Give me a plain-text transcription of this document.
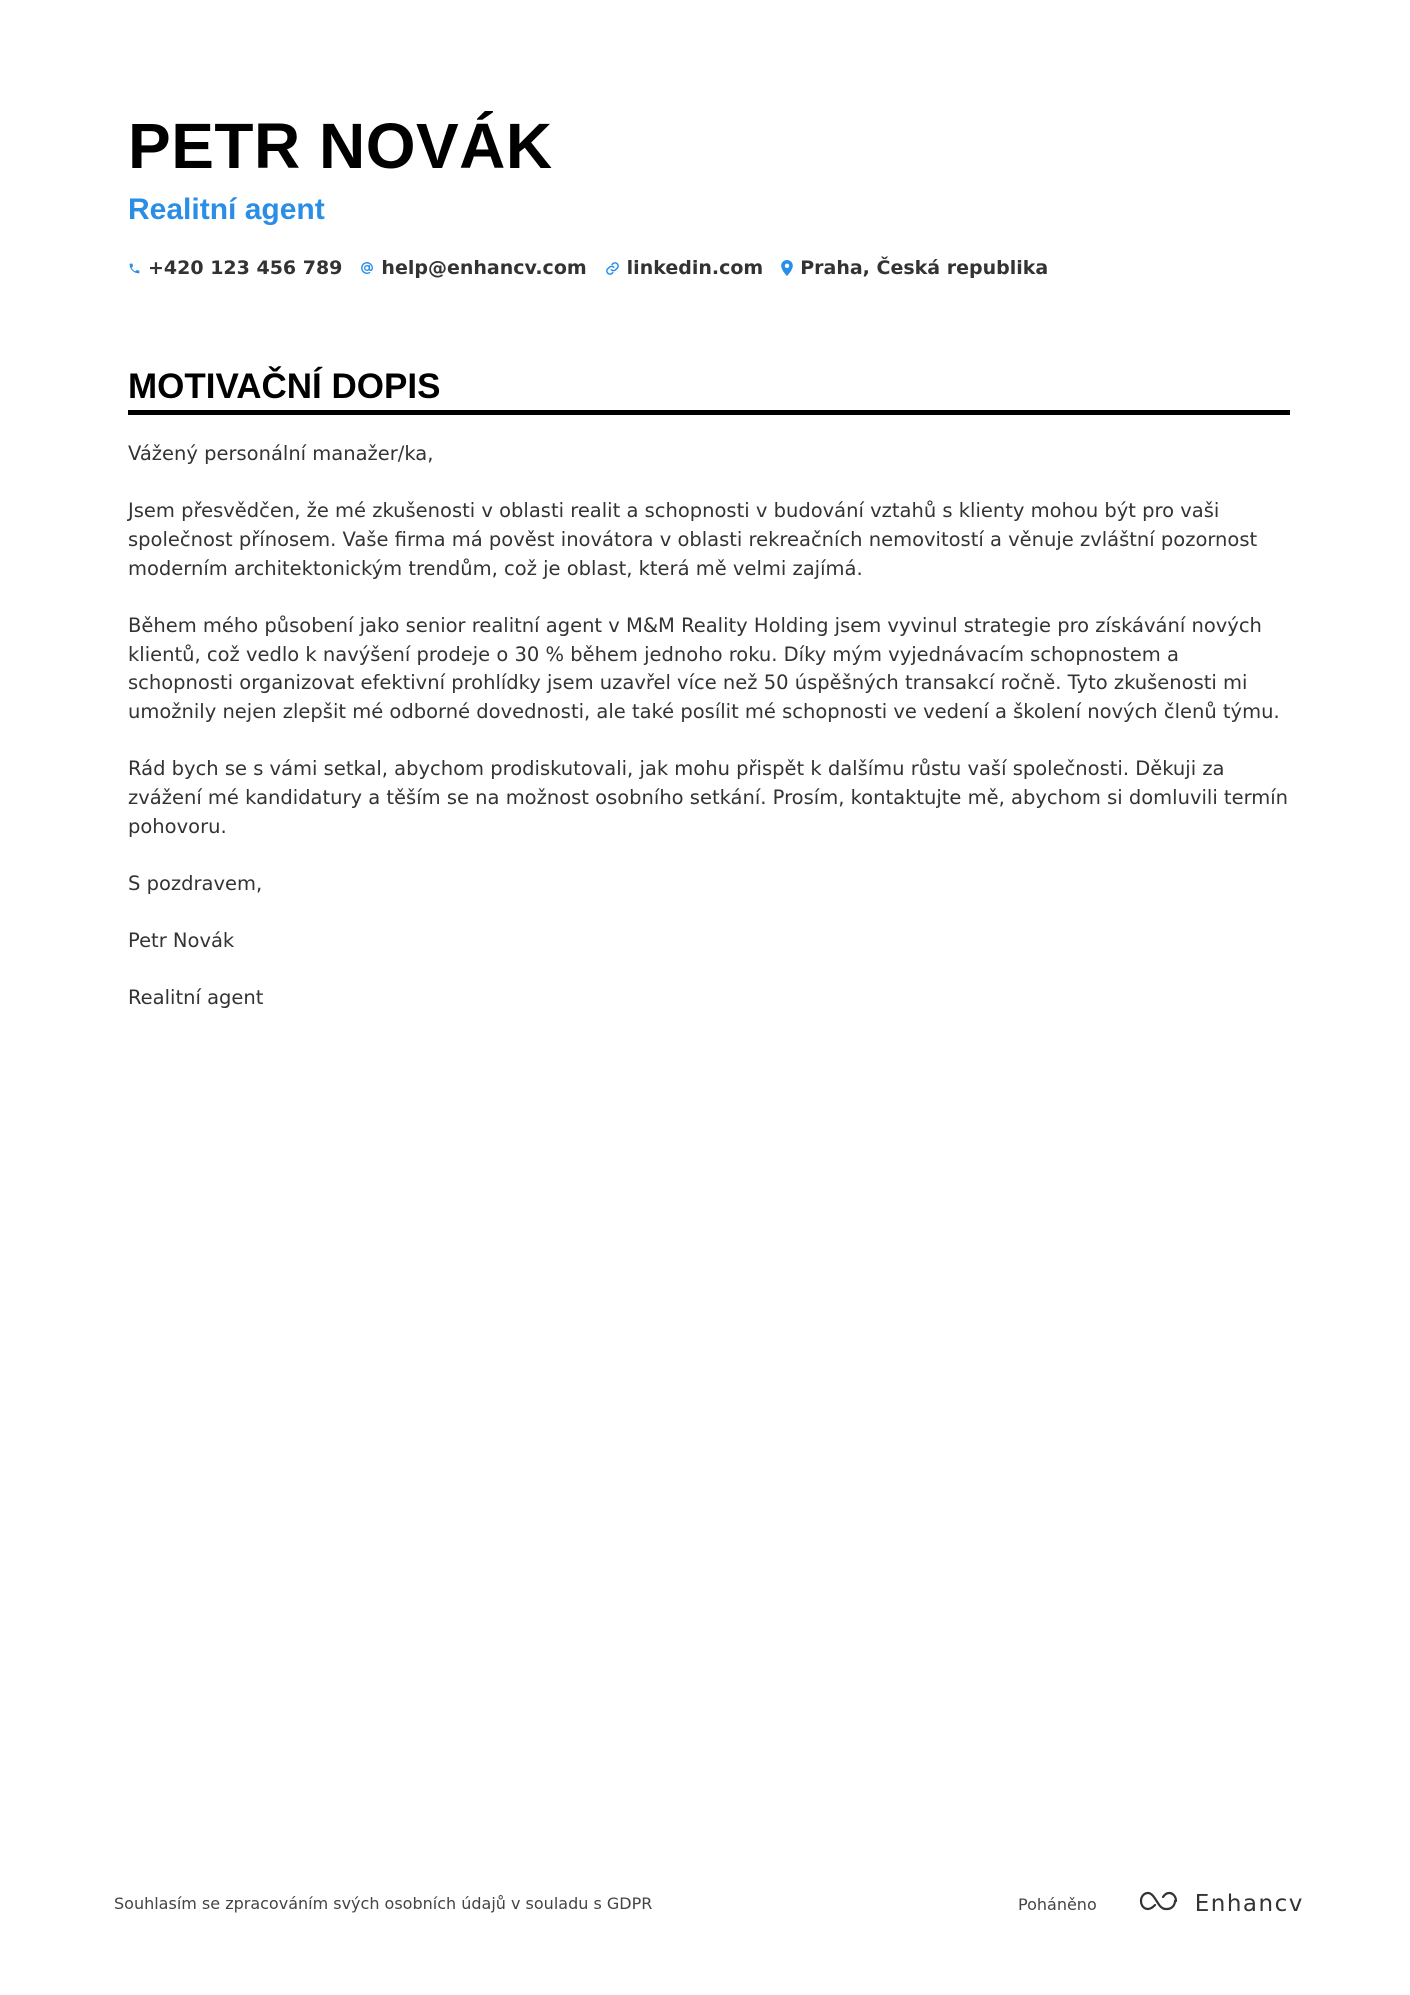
PETR NOVÁK
Realitní agent
+420 123 456 789 help@enhancv.com linkedin.com Praha, Česká republika
MOTIVAČNÍ DOPIS

Vážený personální manažer/ka,

Jsem přesvědčen, že mé zkušenosti v oblasti realit a schopnosti v budování vztahů s klienty mohou být pro vaši společnost přínosem. Vaše firma má pověst inovátora v oblasti rekreačních nemovitostí a věnuje zvláštní pozornost moderním architektonickým trendům, což je oblast, která mě velmi zajímá.

Během mého působení jako senior realitní agent v M&M Reality Holding jsem vyvinul strategie pro získávání nových klientů, což vedlo k navýšení prodeje o 30 % během jednoho roku. Díky mým vyjednávacím schopnostem a schopnosti organizovat efektivní prohlídky jsem uzavřel více než 50 úspěšných transakcí ročně. Tyto zkušenosti mi umožnily nejen zlepšit mé odborné dovednosti, ale také posílit mé schopnosti ve vedení a školení nových členů týmu.

Rád bych se s vámi setkal, abychom prodiskutovali, jak mohu přispět k dalšímu růstu vaší společnosti. Děkuji za zvážení mé kandidatury a těším se na možnost osobního setkání. Prosím, kontaktujte mě, abychom si domluvili termín pohovoru.

S pozdravem,

Petr Novák

Realitní agent

Souhlasím se zpracováním svých osobních údajů v souladu s GDPR	Poháněno	Enhancv
